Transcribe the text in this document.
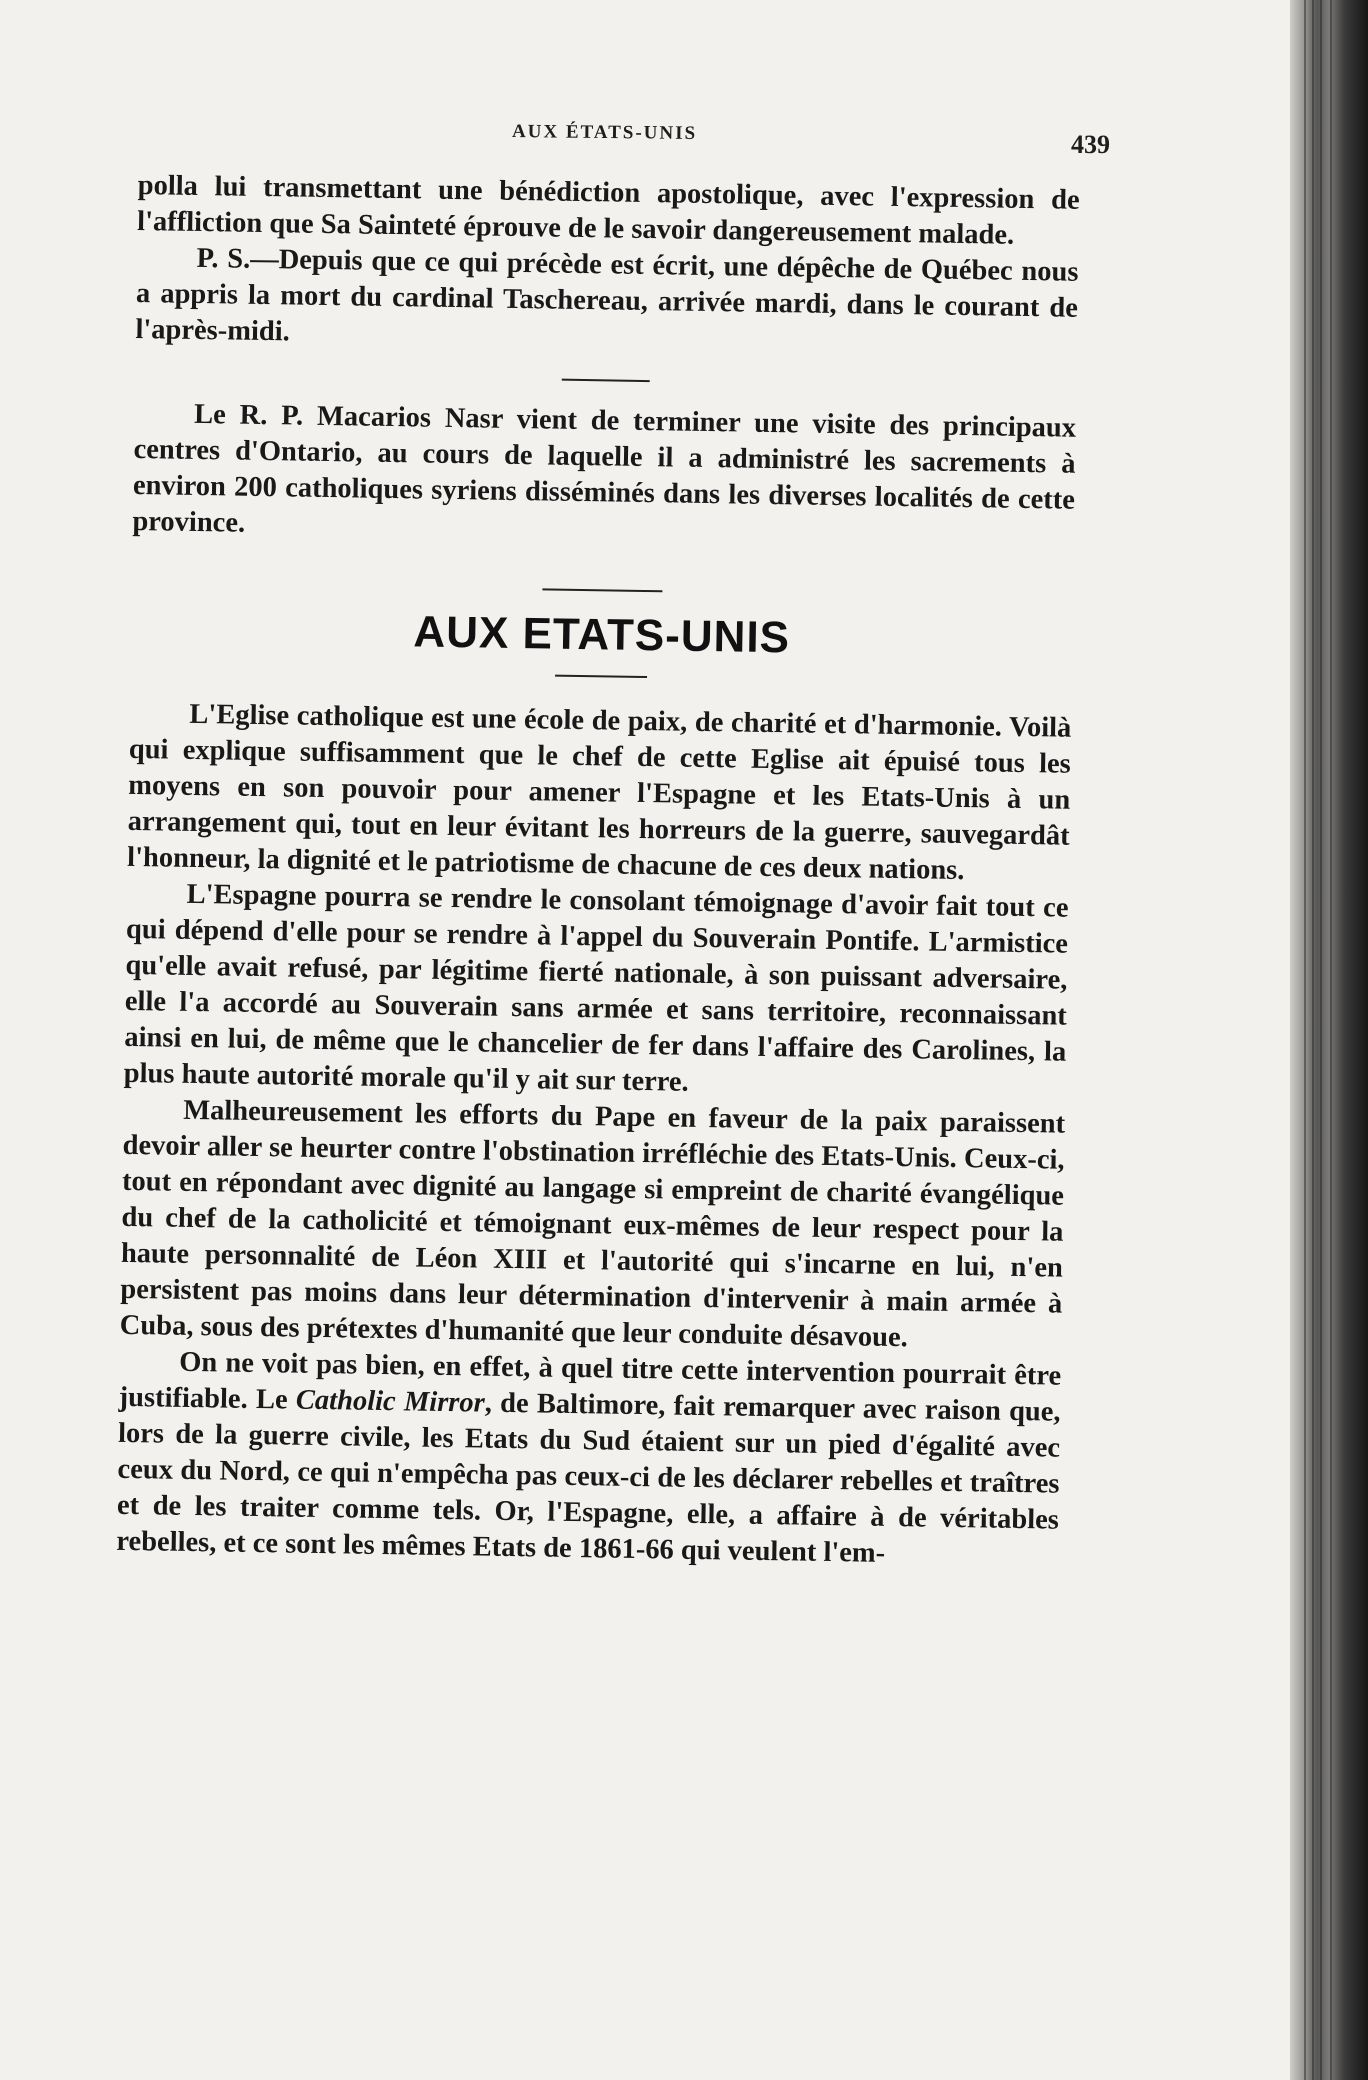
AUX ÉTATS-UNIS	439

polla lui transmettant une bénédiction apostolique, avec l'expression de l'affliction que Sa Sainteté éprouve de le savoir dangereusement malade.

P. S.—Depuis que ce qui précède est écrit, une dépêche de Québec nous a appris la mort du cardinal Taschereau, arrivée mardi, dans le courant de l'après-midi.

Le R. P. Macarios Nasr vient de terminer une visite des principaux centres d'Ontario, au cours de laquelle il a administré les sacrements à environ 200 catholiques syriens disséminés dans les diverses localités de cette province.

AUX ETATS-UNIS

L'Eglise catholique est une école de paix, de charité et d'harmonie. Voilà qui explique suffisamment que le chef de cette Eglise ait épuisé tous les moyens en son pouvoir pour amener l'Espagne et les Etats-Unis à un arrangement qui, tout en leur évitant les horreurs de la guerre, sauvegardât l'honneur, la dignité et le patriotisme de chacune de ces deux nations.

L'Espagne pourra se rendre le consolant témoignage d'avoir fait tout ce qui dépend d'elle pour se rendre à l'appel du Souverain Pontife. L'armistice qu'elle avait refusé, par légitime fierté nationale, à son puissant adversaire, elle l'a accordé au Souverain sans armée et sans territoire, reconnaissant ainsi en lui, de même que le chancelier de fer dans l'affaire des Carolines, la plus haute autorité morale qu'il y ait sur terre.

Malheureusement les efforts du Pape en faveur de la paix paraissent devoir aller se heurter contre l'obstination irréfléchie des Etats-Unis. Ceux-ci, tout en répondant avec dignité au langage si empreint de charité évangélique du chef de la catholicité et témoignant eux-mêmes de leur respect pour la haute personnalité de Léon XIII et l'autorité qui s'incarne en lui, n'en persistent pas moins dans leur détermination d'intervenir à main armée à Cuba, sous des prétextes d'humanité que leur conduite désavoue.

On ne voit pas bien, en effet, à quel titre cette intervention pourrait être justifiable. Le Catholic Mirror, de Baltimore, fait remarquer avec raison que, lors de la guerre civile, les Etats du Sud étaient sur un pied d'égalité avec ceux du Nord, ce qui n'empêcha pas ceux-ci de les déclarer rebelles et traîtres et de les traiter comme tels. Or, l'Espagne, elle, a affaire à de véritables rebelles, et ce sont les mêmes Etats de 1861-66 qui veulent l'em-
